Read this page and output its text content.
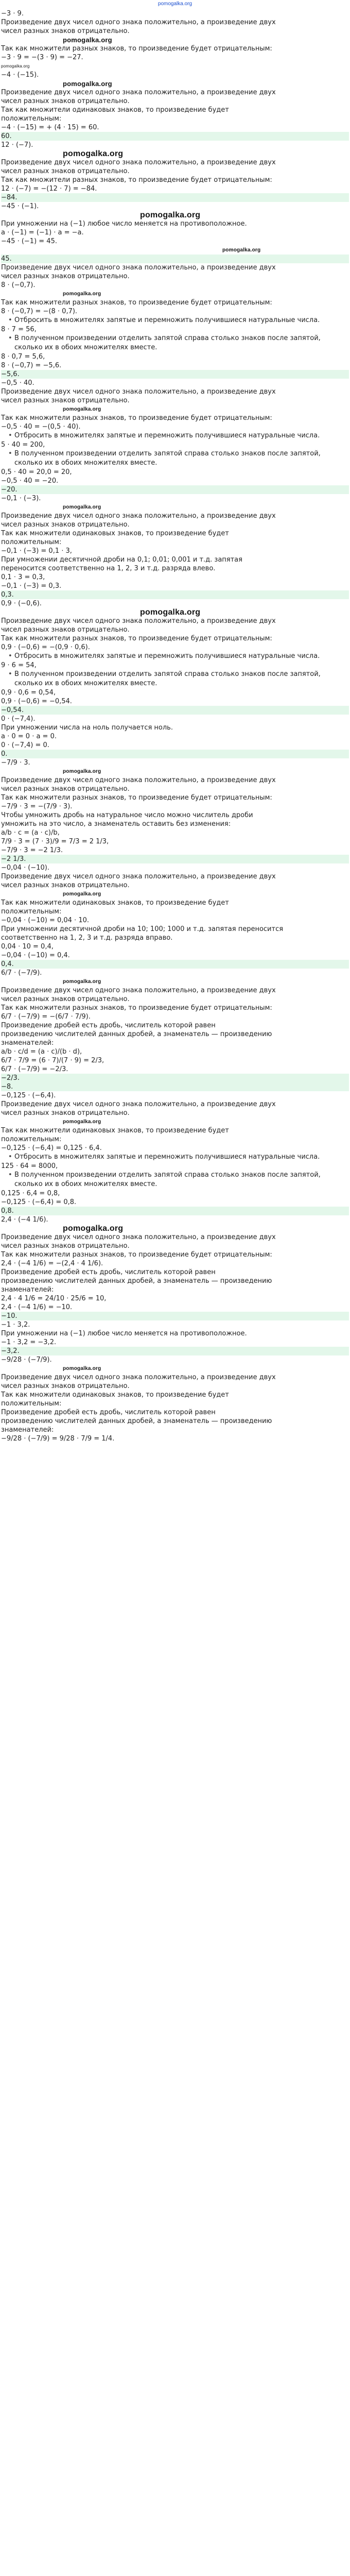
pomogalka.org
−3 ⋅ 9.
Произведение двух чисел одного знака положительно, а произведение двух
чисел разных знаков отрицательно.
pomogalka.org
Так как множители разных знаков, то произведение будет отрицательным:
−3 ⋅ 9 = −(3 ⋅ 9) = −27.
pomogalka.org
−4 ⋅ (−15).
pomogalka.org
Произведение двух чисел одного знака положительно, а произведение двух
чисел разных знаков отрицательно.
Так как множители одинаковых знаков, то произведение будет
положительным:
−4 ⋅ (−15) = + (4 ⋅ 15) = 60.
60.
12 ⋅ (−7).
pomogalka.org
Произведение двух чисел одного знака положительно, а произведение двух
чисел разных знаков отрицательно.
Так как множители разных знаков, то произведение будет отрицательным:
12 ⋅ (−7) = −(12 ⋅ 7) = −84.
−84.
−45 ⋅ (−1).
pomogalka.org
При умножении на (−1) любое число меняется на противоположное.
a ⋅ (−1) = (−1) ⋅ a = −a.
−45 ⋅ (−1) = 45.
pomogalka.org
45.
Произведение двух чисел одного знака положительно, а произведение двух
чисел разных знаков отрицательно.
8 ⋅ (−0,7).
pomogalka.org
Так как множители разных знаков, то произведение будет отрицательным:
8 ⋅ (−0,7) = −(8 ⋅ 0,7).
• Отбросить в множителях запятые и перемножить получившиеся натуральные числа.
8 ⋅ 7 = 56,
• В полученном произведении отделить запятой справа столько знаков после запятой, сколько их в обоих множителях вместе.
8 ⋅ 0,7 = 5,6,
8 ⋅ (−0,7) = −5,6.
−5,6.
−0,5 ⋅ 40.
Произведение двух чисел одного знака положительно, а произведение двух
чисел разных знаков отрицательно.
pomogalka.org
Так как множители разных знаков, то произведение будет отрицательным:
−0,5 ⋅ 40 = −(0,5 ⋅ 40).
• Отбросить в множителях запятые и перемножить получившиеся натуральные числа.
5 ⋅ 40 = 200,
• В полученном произведении отделить запятой справа столько знаков после запятой, сколько их в обоих множителях вместе.
0,5 ⋅ 40 = 20,0 = 20,
−0,5 ⋅ 40 = −20.
−20.
−0,1 ⋅ (−3).
pomogalka.org
Произведение двух чисел одного знака положительно, а произведение двух
чисел разных знаков отрицательно.
Так как множители одинаковых знаков, то произведение будет
положительным:
−0,1 ⋅ (−3) = 0,1 ⋅ 3,
При умножении десятичной дроби на 0,1; 0,01; 0,001 и т.д. запятая
переносится соответственно на 1, 2, 3 и т.д. разряда влево.
0,1 ⋅ 3 = 0,3,
−0,1 ⋅ (−3) = 0,3.
0,3.
0,9 ⋅ (−0,6).
pomogalka.org
Произведение двух чисел одного знака положительно, а произведение двух
чисел разных знаков отрицательно.
Так как множители разных знаков, то произведение будет отрицательным:
0,9 ⋅ (−0,6) = −(0,9 ⋅ 0,6).
• Отбросить в множителях запятые и перемножить получившиеся натуральные числа.
9 ⋅ 6 = 54,
• В полученном произведении отделить запятой справа столько знаков после запятой, сколько их в обоих множителях вместе.
0,9 ⋅ 0,6 = 0,54,
0,9 ⋅ (−0,6) = −0,54.
−0,54.
0 ⋅ (−7,4).
При умножении числа на ноль получается ноль.
a ⋅ 0 = 0 ⋅ a = 0.
0 ⋅ (−7,4) = 0.
0.
−7/9 ⋅ 3.
pomogalka.org
Произведение двух чисел одного знака положительно, а произведение двух
чисел разных знаков отрицательно.
Так как множители разных знаков, то произведение будет отрицательным:
−7/9 ⋅ 3 = −(7/9 ⋅ 3).
Чтобы умножить дробь на натуральное число можно числитель дроби
умножить на это число, а знаменатель оставить без изменения:
a/b ⋅ c = (a ⋅ c)/b,
7/9 ⋅ 3 = (7 ⋅ 3)/9 = 7/3 = 2 1/3,
−7/9 ⋅ 3 = −2 1/3.
−2 1/3.
−0,04 ⋅ (−10).
Произведение двух чисел одного знака положительно, а произведение двух
чисел разных знаков отрицательно.
pomogalka.org
Так как множители одинаковых знаков, то произведение будет
положительным:
−0,04 ⋅ (−10) = 0,04 ⋅ 10.
При умножении десятичной дроби на 10; 100; 1000 и т.д. запятая переносится
соответственно на 1, 2, 3 и т.д. разряда вправо.
0,04 ⋅ 10 = 0,4,
−0,04 ⋅ (−10) = 0,4.
0,4.
6/7 ⋅ (−7/9).
pomogalka.org
Произведение двух чисел одного знака положительно, а произведение двух
чисел разных знаков отрицательно.
Так как множители разных знаков, то произведение будет отрицательным:
6/7 ⋅ (−7/9) = −(6/7 ⋅ 7/9).
Произведение дробей есть дробь, числитель которой равен
произведению числителей данных дробей, а знаменатель — произведению
знаменателей:
a/b ⋅ c/d = (a ⋅ c)/(b ⋅ d),
6/7 ⋅ 7/9 = (6 ⋅ 7)/(7 ⋅ 9) = 2/3,
6/7 ⋅ (−7/9) = −2/3.
−2/3.
−8.
−0,125 ⋅ (−6,4).
Произведение двух чисел одного знака положительно, а произведение двух
чисел разных знаков отрицательно.
pomogalka.org
Так как множители одинаковых знаков, то произведение будет
положительным:
−0,125 ⋅ (−6,4) = 0,125 ⋅ 6,4.
• Отбросить в множителях запятые и перемножить получившиеся натуральные числа.
125 ⋅ 64 = 8000,
• В полученном произведении отделить запятой справа столько знаков после запятой, сколько их в обоих множителях вместе.
0,125 ⋅ 6,4 = 0,8,
−0,125 ⋅ (−6,4) = 0,8.
0,8.
2,4 ⋅ (−4 1/6).
pomogalka.org
Произведение двух чисел одного знака положительно, а произведение двух
чисел разных знаков отрицательно.
Так как множители разных знаков, то произведение будет отрицательным:
2,4 ⋅ (−4 1/6) = −(2,4 ⋅ 4 1/6).
Произведение дробей есть дробь, числитель которой равен
произведению числителей данных дробей, а знаменатель — произведению
знаменателей:
2,4 ⋅ 4 1/6 = 24/10 ⋅ 25/6 = 10,
2,4 ⋅ (−4 1/6) = −10.
−10.
−1 ⋅ 3,2.
При умножении на (−1) любое число меняется на противоположное.
−1 ⋅ 3,2 = −3,2.
−3,2.
−9/28 ⋅ (−7/9).
pomogalka.org
Произведение двух чисел одного знака положительно, а произведение двух
чисел разных знаков отрицательно.
Так как множители одинаковых знаков, то произведение будет
положительным:
Произведение дробей есть дробь, числитель которой равен
произведению числителей данных дробей, а знаменатель — произведению
знаменателей:
−9/28 ⋅ (−7/9) = 9/28 ⋅ 7/9 = 1/4.
